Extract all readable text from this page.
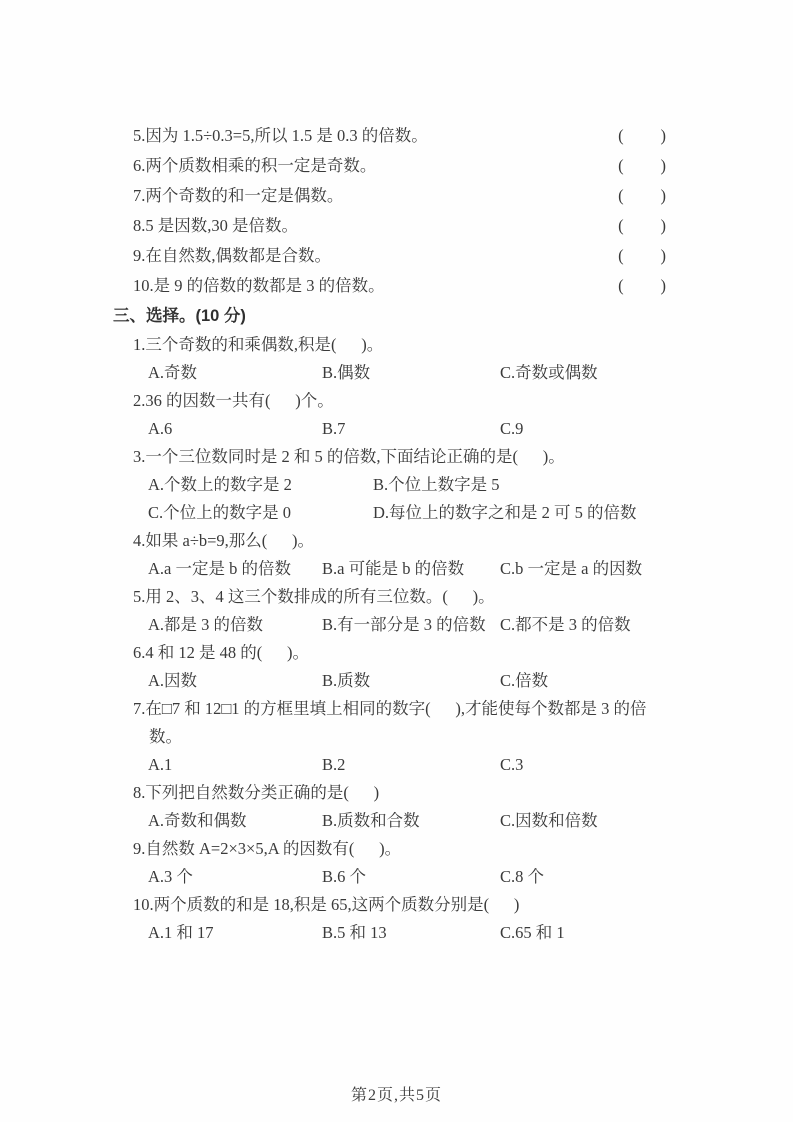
5.因为 1.5÷0.3=5,所以 1.5 是 0.3 的倍数。	(       )
6.两个质数相乘的积一定是奇数。	(       )
7.两个奇数的和一定是偶数。	(       )
8.5 是因数,30 是倍数。	(       )
9.在自然数,偶数都是合数。	(       )
10.是 9 的倍数的数都是 3 的倍数。	(       )
三、选择。(10 分)
1.三个奇数的和乘偶数,积是(      )。
A.奇数	B.偶数	C.奇数或偶数
2.36 的因数一共有(      )个。
A.6	B.7	C.9
3.一个三位数同时是 2 和 5 的倍数,下面结论正确的是(      )。
A.个数上的数字是 2	B.个位上数字是 5
C.个位上的数字是 0	D.每位上的数字之和是 2 可 5 的倍数
4.如果 a÷b=9,那么(      )。
A.a 一定是 b 的倍数	B.a 可能是 b 的倍数	C.b 一定是 a 的因数
5.用 2、3、4 这三个数排成的所有三位数。(      )。
A.都是 3 的倍数	B.有一部分是 3 的倍数 C.都不是 3 的倍数
6.4 和 12 是 48 的(      )。
A.因数	B.质数	C.倍数
7.在□7 和 12□1 的方框里填上相同的数字(      ),才能使每个数都是 3 的倍数。
A.1	B.2	C.3
8.下列把自然数分类正确的是(      )
A.奇数和偶数	B.质数和合数	C.因数和倍数
9.自然数 A=2×3×5,A 的因数有(      )。
A.3 个	B.6 个	C.8 个
10.两个质数的和是 18,积是 65,这两个质数分别是(      )
A.1 和 17	B.5 和 13	C.65 和 1
第2页,共5页
